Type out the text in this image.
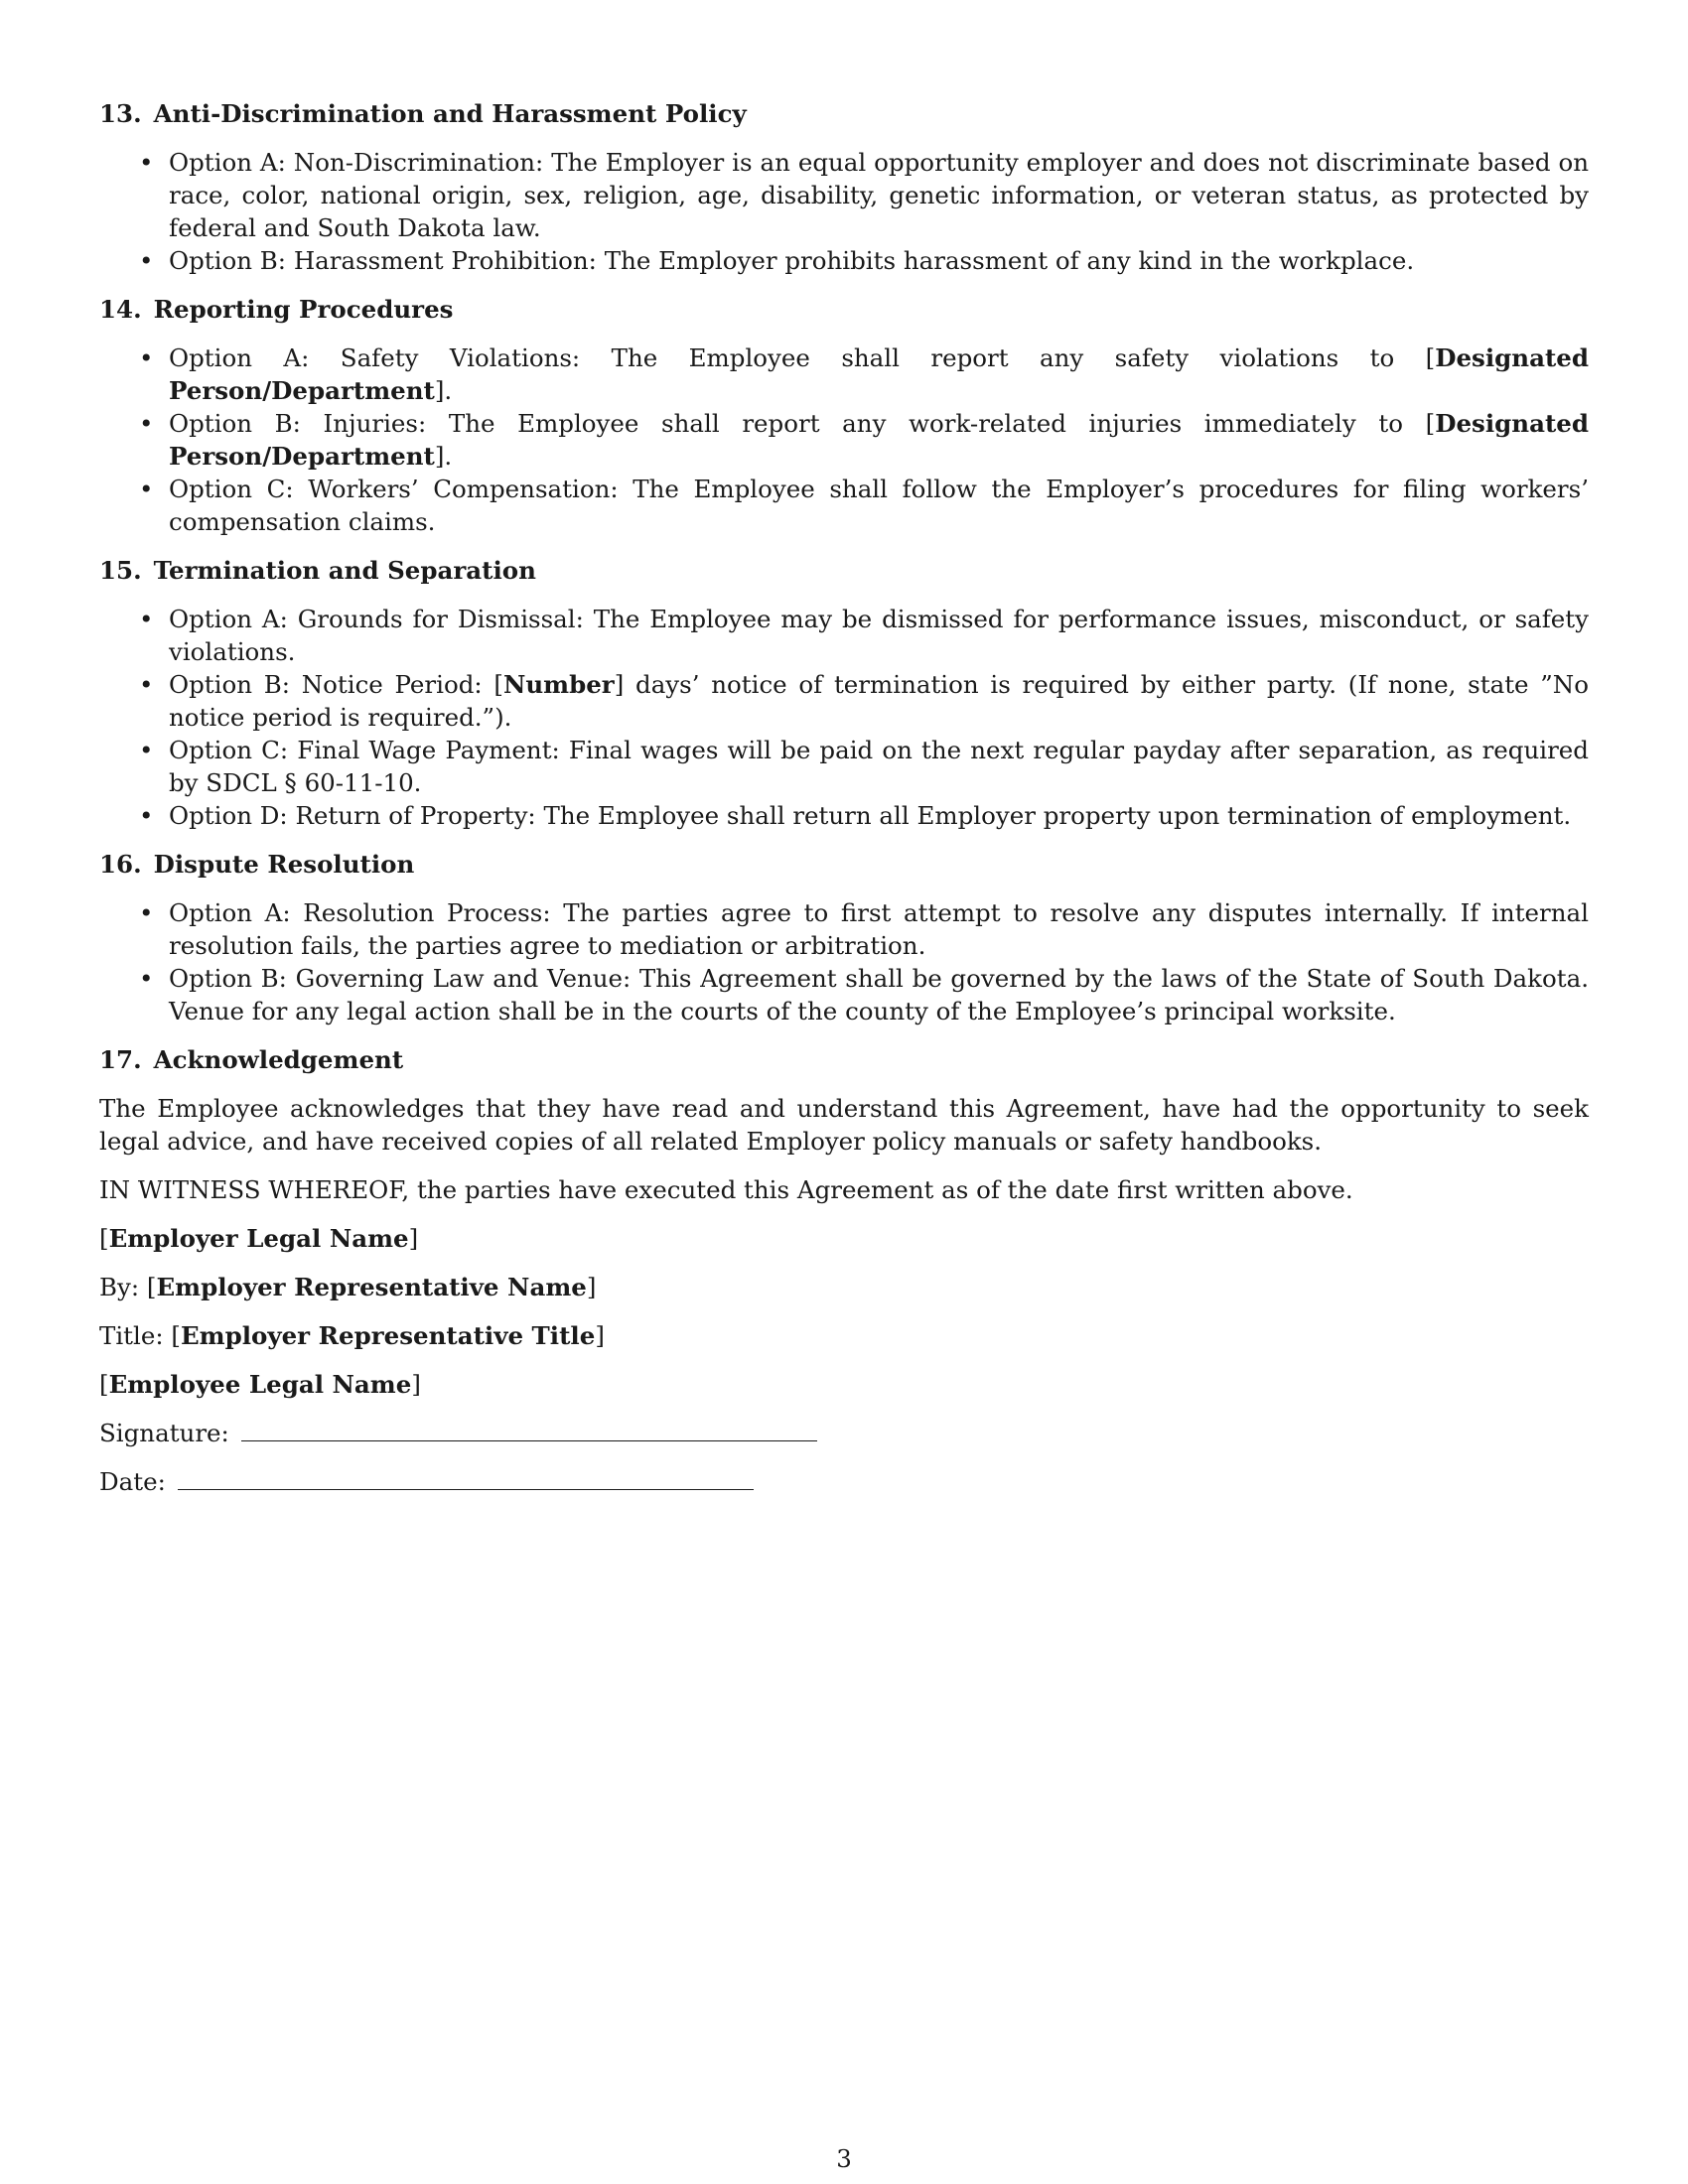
13. Anti-Discrimination and Harassment Policy
• Option A: Non-Discrimination: The Employer is an equal opportunity employer and does not discriminate based on race, color, national origin, sex, religion, age, disability, genetic information, or veteran status, as protected by federal and South Dakota law.
• Option B: Harassment Prohibition: The Employer prohibits harassment of any kind in the workplace.
14. Reporting Procedures
• Option A: Safety Violations: The Employee shall report any safety violations to [Designated Person/Department].
• Option B: Injuries: The Employee shall report any work-related injuries immediately to [Designated Person/Department].
• Option C: Workers’ Compensation: The Employee shall follow the Employer’s procedures for filing workers’ compensation claims.
15. Termination and Separation
• Option A: Grounds for Dismissal: The Employee may be dismissed for performance issues, misconduct, or safety violations.
• Option B: Notice Period: [Number] days’ notice of termination is required by either party. (If none, state ”No notice period is required.”).
• Option C: Final Wage Payment: Final wages will be paid on the next regular payday after separation, as required by SDCL § 60-11-10.
• Option D: Return of Property: The Employee shall return all Employer property upon termination of employment.
16. Dispute Resolution
• Option A: Resolution Process: The parties agree to first attempt to resolve any disputes internally. If internal resolution fails, the parties agree to mediation or arbitration.
• Option B: Governing Law and Venue: This Agreement shall be governed by the laws of the State of South Dakota. Venue for any legal action shall be in the courts of the county of the Employee’s principal worksite.
17. Acknowledgement

The Employee acknowledges that they have read and understand this Agreement, have had the opportunity to seek legal advice, and have received copies of all related Employer policy manuals or safety handbooks.

IN WITNESS WHEREOF, the parties have executed this Agreement as of the date first written above.

[Employer Legal Name]

By: [Employer Representative Name]

Title: [Employer Representative Title]

[Employee Legal Name]

Signature:

Date:

3
